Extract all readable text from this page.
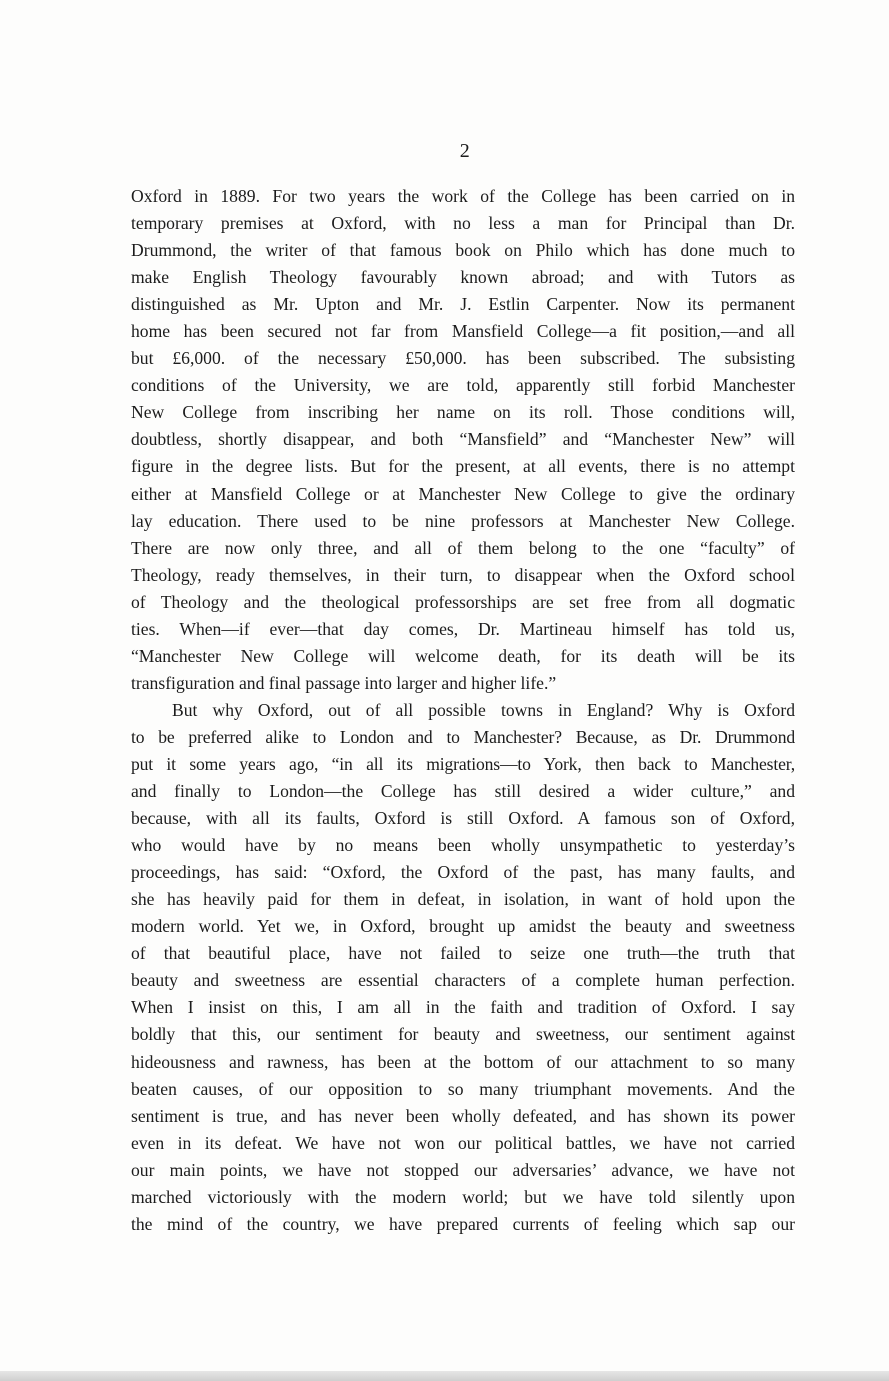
2
Oxford in 1889. For two years the work of the College has been carried on in
temporary premises at Oxford, with no less a man for Principal than Dr.
Drummond, the writer of that famous book on Philo which has done much to
make English Theology favourably known abroad; and with Tutors as
distinguished as Mr. Upton and Mr. J. Estlin Carpenter. Now its permanent
home has been secured not far from Mansfield College—a fit position,—and all
but £6,000. of the necessary £50,000. has been subscribed. The subsisting
conditions of the University, we are told, apparently still forbid Manchester
New College from inscribing her name on its roll. Those conditions will,
doubtless, shortly disappear, and both “Mansfield” and “Manchester New” will
figure in the degree lists. But for the present, at all events, there is no attempt
either at Mansfield College or at Manchester New College to give the ordinary
lay education. There used to be nine professors at Manchester New College.
There are now only three, and all of them belong to the one “faculty” of
Theology, ready themselves, in their turn, to disappear when the Oxford school
of Theology and the theological professorships are set free from all dogmatic
ties. When—if ever—that day comes, Dr. Martineau himself has told us,
“Manchester New College will welcome death, for its death will be its
transfiguration and final passage into larger and higher life.”
But why Oxford, out of all possible towns in England? Why is Oxford
to be preferred alike to London and to Manchester? Because, as Dr. Drummond
put it some years ago, “in all its migrations—to York, then back to Manchester,
and finally to London—the College has still desired a wider culture,” and
because, with all its faults, Oxford is still Oxford. A famous son of Oxford,
who would have by no means been wholly unsympathetic to yesterday’s
proceedings, has said: “Oxford, the Oxford of the past, has many faults, and
she has heavily paid for them in defeat, in isolation, in want of hold upon the
modern world. Yet we, in Oxford, brought up amidst the beauty and sweetness
of that beautiful place, have not failed to seize one truth—the truth that
beauty and sweetness are essential characters of a complete human perfection.
When I insist on this, I am all in the faith and tradition of Oxford. I say
boldly that this, our sentiment for beauty and sweetness, our sentiment against
hideousness and rawness, has been at the bottom of our attachment to so many
beaten causes, of our opposition to so many triumphant movements. And the
sentiment is true, and has never been wholly defeated, and has shown its power
even in its defeat. We have not won our political battles, we have not carried
our main points, we have not stopped our adversaries’ advance, we have not
marched victoriously with the modern world; but we have told silently upon
the mind of the country, we have prepared currents of feeling which sap our
